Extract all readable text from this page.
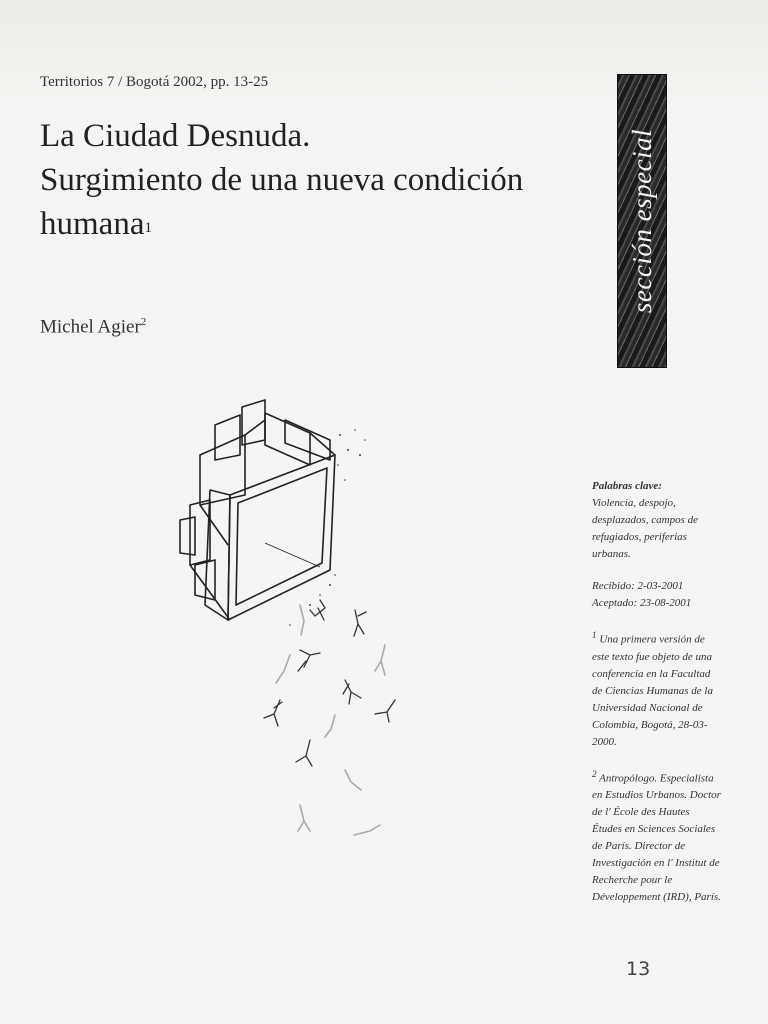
Territorios 7 / Bogotá 2002, pp. 13-25
La Ciudad Desnuda.
Surgimiento de una nueva condición
humana$^1$
Michel Agier$^2$
sección especial

Palabras clave:
Violencia, despojo, desplazados, campos de refugiados, periferias urbanas.

Recibido: 2-03-2001
Aceptado: 23-08-2001

$^1$ Una primera versión de este texto fue objeto de una conferencia en la Facultad de Ciencias Humanas de la Universidad Nacional de Colombia, Bogotá, 28-03-2000.

$^2$ Antropólogo. Especialista en Estudios Urbanos. Doctor de l' École des Hautes Études en Sciences Sociales de París. Director de Investigación en l' Institut de Recherche pour le Développement (IRD), París.

13
